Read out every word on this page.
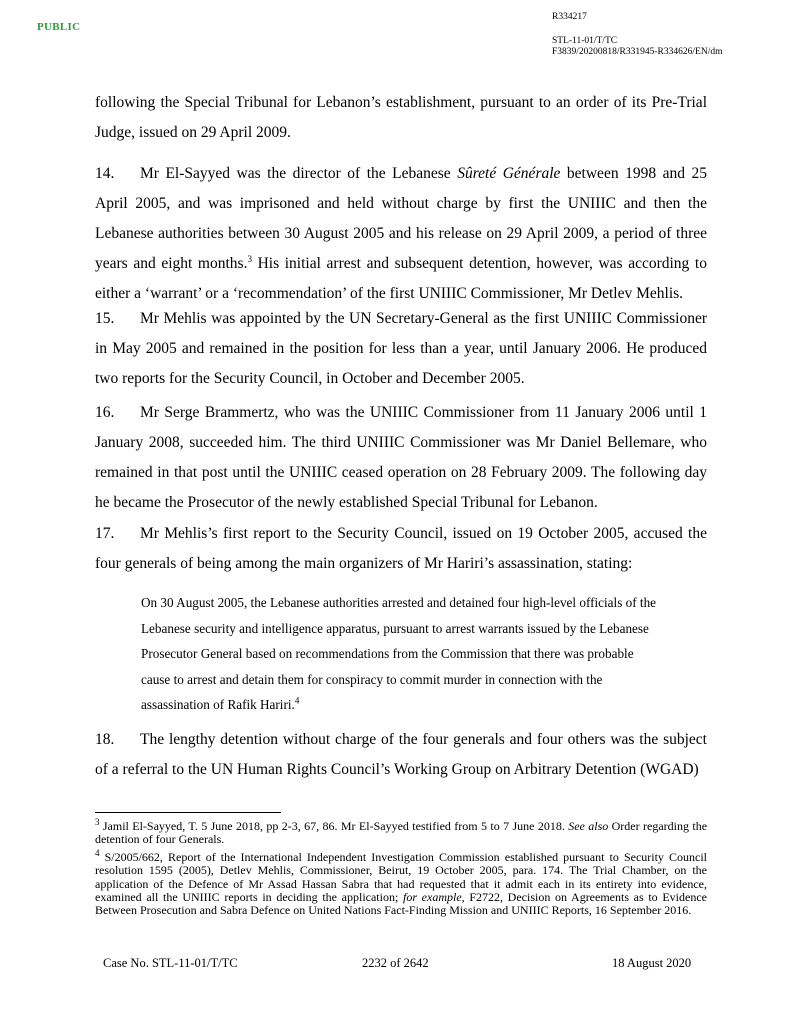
PUBLIC
R334217
STL-11-01/T/TC
F3839/20200818/R331945-R334626/EN/dm

following the Special Tribunal for Lebanon’s establishment, pursuant to an order of its Pre-Trial Judge, issued on 29 April 2009.

14. Mr El-Sayyed was the director of the Lebanese Sûreté Générale between 1998 and 25 April 2005, and was imprisoned and held without charge by first the UNIIIC and then the Lebanese authorities between 30 August 2005 and his release on 29 April 2009, a period of three years and eight months.$^3$ His initial arrest and subsequent detention, however, was according to either a ‘warrant’ or a ‘recommendation’ of the first UNIIIC Commissioner, Mr Detlev Mehlis.

15. Mr Mehlis was appointed by the UN Secretary-General as the first UNIIIC Commissioner in May 2005 and remained in the position for less than a year, until January 2006. He produced two reports for the Security Council, in October and December 2005.

16. Mr Serge Brammertz, who was the UNIIIC Commissioner from 11 January 2006 until 1 January 2008, succeeded him. The third UNIIIC Commissioner was Mr Daniel Bellemare, who remained in that post until the UNIIIC ceased operation on 28 February 2009. The following day he became the Prosecutor of the newly established Special Tribunal for Lebanon.

17. Mr Mehlis’s first report to the Security Council, issued on 19 October 2005, accused the four generals of being among the main organizers of Mr Hariri’s assassination, stating:

On 30 August 2005, the Lebanese authorities arrested and detained four high-level officials of the Lebanese security and intelligence apparatus, pursuant to arrest warrants issued by the Lebanese Prosecutor General based on recommendations from the Commission that there was probable cause to arrest and detain them for conspiracy to commit murder in connection with the assassination of Rafik Hariri.$^4$

18. The lengthy detention without charge of the four generals and four others was the subject of a referral to the UN Human Rights Council’s Working Group on Arbitrary Detention (WGAD)

$^3$ Jamil El-Sayyed, T. 5 June 2018, pp 2-3, 67, 86. Mr El-Sayyed testified from 5 to 7 June 2018. See also Order regarding the detention of four Generals.
$^4$ S/2005/662, Report of the International Independent Investigation Commission established pursuant to Security Council resolution 1595 (2005), Detlev Mehlis, Commissioner, Beirut, 19 October 2005, para. 174. The Trial Chamber, on the application of the Defence of Mr Assad Hassan Sabra that had requested that it admit each in its entirety into evidence, examined all the UNIIIC reports in deciding the application; for example, F2722, Decision on Agreements as to Evidence Between Prosecution and Sabra Defence on United Nations Fact-Finding Mission and UNIIIC Reports, 16 September 2016.
Case No. STL-11-01/T/TC	2232 of 2642	18 August 2020
